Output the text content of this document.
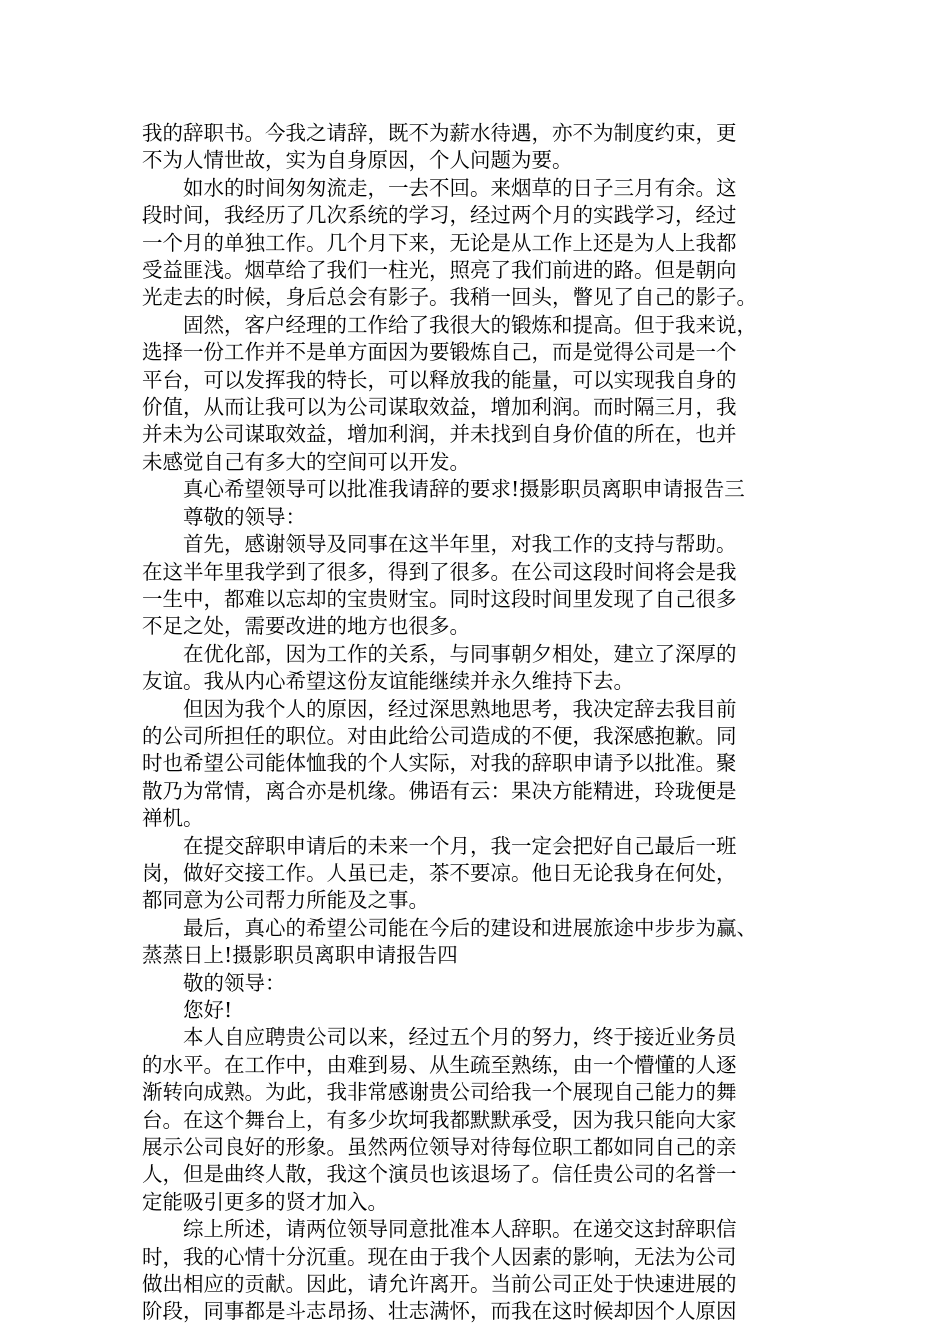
我的辞职书。今我之请辞，既不为薪水待遇，亦不为制度约束，更

不为人情世故，实为自身原因，个人问题为要。

　　如水的时间匆匆流走，一去不回。来烟草的日子三月有余。这

段时间，我经历了几次系统的学习，经过两个月的实践学习，经过

一个月的单独工作。几个月下来，无论是从工作上还是为人上我都

受益匪浅。烟草给了我们一柱光，照亮了我们前进的路。但是朝向

光走去的时候，身后总会有影子。我稍一回头，瞥见了自己的影子。

　　固然，客户经理的工作给了我很大的锻炼和提高。但于我来说，

选择一份工作并不是单方面因为要锻炼自己，而是觉得公司是一个

平台，可以发挥我的特长，可以释放我的能量，可以实现我自身的

价值，从而让我可以为公司谋取效益，增加利润。而时隔三月，我

并未为公司谋取效益，增加利润，并未找到自身价值的所在，也并

未感觉自己有多大的空间可以开发。

　　真心希望领导可以批准我请辞的要求!摄影职员离职申请报告三

　　尊敬的领导：

　　首先，感谢领导及同事在这半年里，对我工作的支持与帮助。

在这半年里我学到了很多，得到了很多。在公司这段时间将会是我

一生中，都难以忘却的宝贵财宝。同时这段时间里发现了自己很多

不足之处，需要改进的地方也很多。

　　在优化部，因为工作的关系，与同事朝夕相处，建立了深厚的

友谊。我从内心希望这份友谊能继续并永久维持下去。

　　但因为我个人的原因，经过深思熟地思考，我决定辞去我目前

的公司所担任的职位。对由此给公司造成的不便，我深感抱歉。同

时也希望公司能体恤我的个人实际，对我的辞职申请予以批准。聚

散乃为常情，离合亦是机缘。佛语有云：果决方能精进，玲珑便是

禅机。

　　在提交辞职申请后的未来一个月，我一定会把好自己最后一班

岗，做好交接工作。人虽已走，茶不要凉。他日无论我身在何处，

都同意为公司帮力所能及之事。

　　最后，真心的希望公司能在今后的建设和进展旅途中步步为赢、

蒸蒸日上!摄影职员离职申请报告四

　　敬的领导：

　　您好!

　　本人自应聘贵公司以来，经过五个月的努力，终于接近业务员

的水平。在工作中，由难到易、从生疏至熟练，由一个懵懂的人逐

渐转向成熟。为此，我非常感谢贵公司给我一个展现自己能力的舞

台。在这个舞台上，有多少坎坷我都默默承受，因为我只能向大家

展示公司良好的形象。虽然两位领导对待每位职工都如同自己的亲

人，但是曲终人散，我这个演员也该退场了。信任贵公司的名誉一

定能吸引更多的贤才加入。

　　综上所述，请两位领导同意批准本人辞职。在递交这封辞职信

时，我的心情十分沉重。现在由于我个人因素的影响，无法为公司

做出相应的贡献。因此，请允许离开。当前公司正处于快速进展的

阶段，同事都是斗志昂扬、壮志满怀，而我在这时候却因个人原因
